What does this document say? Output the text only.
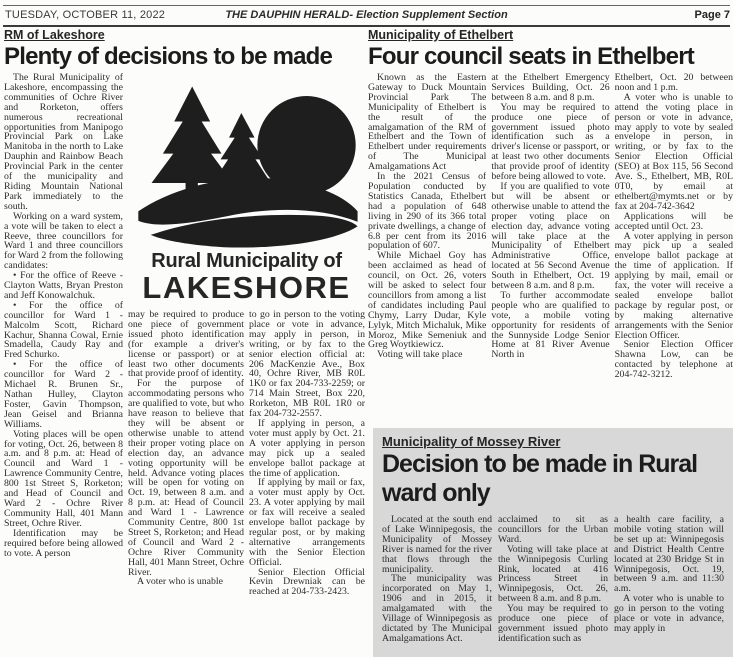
TUESDAY, OCTOBER 11, 2022	THE DAUPHIN HERALD- Election Supplement Section	Page 7
RM of Lakeshore
Plenty of decisions to be made

The Rural Municipality of Lakeshore, encompassing the communities of Ochre River and Rorketon, offers numerous recreational opportunities from Manipogo Provincial Park on Lake Manitoba in the north to Lake Dauphin and Rainbow Beach Provincial Park in the center of the municipality and Riding Mountain National Park immediately to the south.

Working on a ward system, a vote will be taken to elect a Reeve, three councillors for Ward 1 and three councillors for Ward 2 from the following candidates:

• For the office of Reeve - Clayton Watts, Bryan Preston and Jeff Konowalchuk.

• For the office of councillor for Ward 1 - Malcolm Scott, Richard Kachur, Shanna Cowal, Ernie Smadella, Caudy Ray and Fred Schurko.

• For the office of councillor for Ward 2 - Michael R. Brunen Sr., Nathan Hulley, Clayton Foster, Gavin Thompson, Jean Geisel and Brianna Williams.

Voting places will be open for voting, Oct. 26, between 8 a.m. and 8 p.m. at: Head of Council and Ward 1 - Lawrence Community Centre, 800 1st Street S, Rorketon; and Head of Council and Ward 2 - Ochre River Community Hall, 401 Mann Street, Ochre River.

Identification may be required before being allowed to vote. A person

Rural Municipality of
LAKESHORE

may be required to produce one piece of government issued photo identification (for example a driver's license or passport) or at least two other documents that provide proof of identity.

For the purpose of accommodating persons who are qualified to vote, but who have reason to believe that they will be absent or otherwise unable to attend their proper voting place on election day, an advance voting opportunity will be held. Advance voting places will be open for voting on Oct. 19, between 8 a.m. and 8 p.m. at: Head of Council and Ward 1 - Lawrence Community Centre, 800 1st Street S, Rorketon; and Head of Council and Ward 2 - Ochre River Community Hall, 401 Mann Street, Ochre River.

A voter who is unable

to go in person to the voting place or vote in advance, may apply in person, in writing, or by fax to the senior election official at: 206 MacKenzie Ave., Box 40, Ochre River, MB R0L 1K0 or fax 204-733-2259; or 714 Main Street, Box 220, Rorketon, MB R0L 1R0 or fax 204-732-2557.

If applying in person, a voter must apply by Oct. 21. A voter applying in person may pick up a sealed envelope ballot package at the time of application.

If applying by mail or fax, a voter must apply by Oct. 23. A voter applying by mail or fax will receive a sealed envelope ballot package by regular post, or by making alternative arrangements with the Senior Election Official.

Senior Election Official Kevin Drewniak can be reached at 204-733-2423.

Municipality of Ethelbert
Four council seats in Ethelbert

Known as the Eastern Gateway to Duck Mountain Provincial Park The Municipality of Ethelbert is the result of the amalgamation of the RM of Ethelbert and the Town of Ethelbert under requirements of The Municipal Amalgamations Act

In the 2021 Census of Population conducted by Statistics Canada, Ethelbert had a population of 648 living in 290 of its 366 total private dwellings, a change of 6.8 per cent from its 2016 population of 607.

While Michael Goy has been acclaimed as head of council, on Oct. 26, voters will be asked to select four councillors from among a list of candidates including Paul Chymy, Larry Dudar, Kyle Lylyk, Mitch Michaluk, Mike Moroz, Mike Semeniuk and Greg Woytkiewicz.

Voting will take place

at the Ethelbert Emergency Services Building, Oct. 26 between 8 a.m. and 8 p.m.

You may be required to produce one piece of government issued photo identification such as a driver's license or passport, or at least two other documents that provide proof of identity before being allowed to vote.

If you are qualified to vote but will be absent or otherwise unable to attend the proper voting place on election day, advance voting will take place at the Municipality of Ethelbert Administrative Office, located at 56 Second Avenue South in Ethelbert, Oct. 19 between 8 a.m. and 8 p.m.

To further accommodate people who are qualified to vote, a mobile voting opportunity for residents of the Sunnyside Lodge Senior Home at 81 River Avenue North in

Ethelbert, Oct. 20 between noon and 1 p.m.

A voter who is unable to attend the voting place in person or vote in advance, may apply to vote by sealed envelope in person, in writing, or by fax to the Senior Election Official (SEO) at Box 115, 56 Second Ave. S., Ethelbert, MB, R0L 0T0, by email at ethelbert@mymts.net or by fax at 204-742-3642

Applications will be accepted until Oct. 23.

A voter applying in person may pick up a sealed envelope ballot package at the time of application. If applying by mail, email or fax, the voter will receive a sealed envelope ballot package by regular post, or by making alternative arrangements with the Senior Election Officer.

Senior Election Officer Shawna Low, can be contacted by telephone at 204-742-3212.

Municipality of Mossey River
Decision to be made in Rural
ward only

Located at the south end of Lake Winnipegosis, the Municipality of Mossey River is named for the river that flows through the municipality.

The municipality was incorporated on May 1, 1906 and in 2015, it amalgamated with the Village of Winnipegosis as dictated by The Municipal Amalgamations Act.

acclaimed to sit as councillors for the Urban Ward.

Voting will take place at the Winnipegosis Curling Rink, located at 416 Princess Street in Winnipegosis, Oct. 26, between 8 a.m. and 8 p.m.

You may be required to produce one piece of government issued photo identification such as

a health care facility, a mobile voting station will be set up at: Winnipegosis and District Health Centre located at 230 Bridge St in Winnipegosis, Oct. 19, between 9 a.m. and 11:30 a.m.

A voter who is unable to go in person to the voting place or vote in advance, may apply in
